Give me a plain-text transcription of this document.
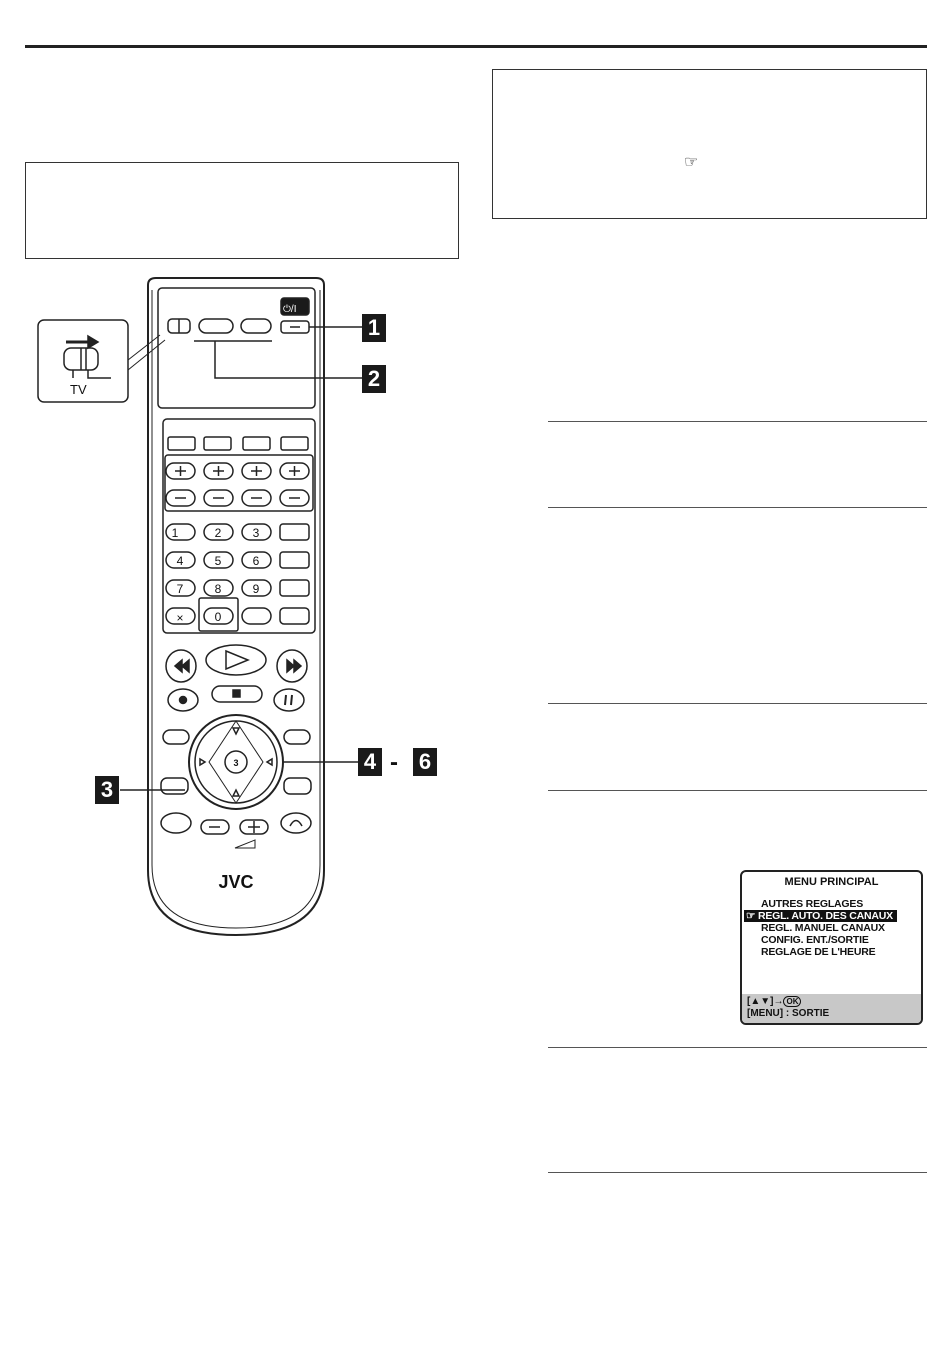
☞
TV
⏻/I
1	2	3
4	5	6
7	8	9
0
×
3
JVC
1
2
3
4 - 6
MENU PRINCIPAL
AUTRES REGLAGES
☞ REGL. AUTO. DES CANAUX
REGL. MANUEL CANAUX
CONFIG. ENT./SORTIE
REGLAGE DE L'HEURE
[▲▼]→ OK
[MENU] : SORTIE
